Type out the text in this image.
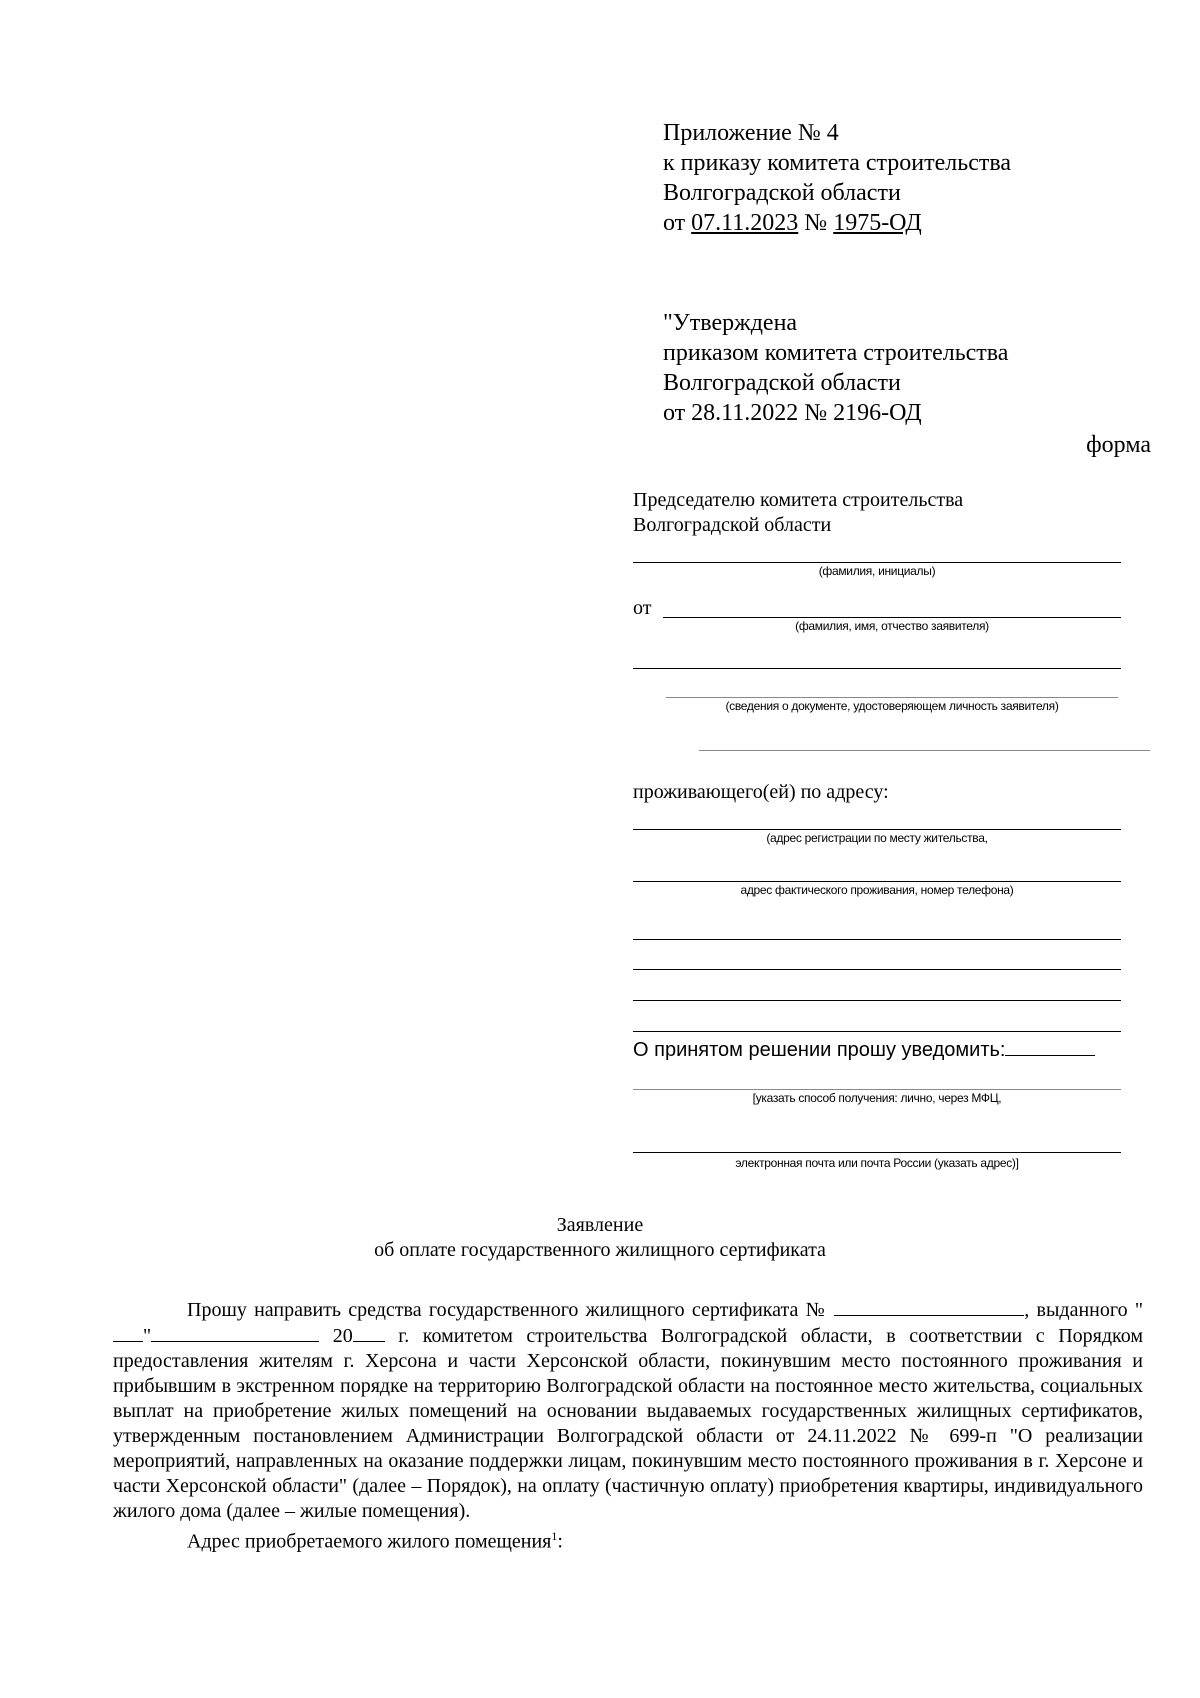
Приложение № 4
к приказу комитета строительства
Волгоградской области
от 07.11.2023 № 1975-ОД
"Утверждена
приказом комитета строительства
Волгоградской области
от 28.11.2022 № 2196-ОД
форма
Председателю комитета строительства
Волгоградской области
(фамилия, инициалы)
от
(фамилия, имя, отчество заявителя)
(сведения о документе, удостоверяющем личность заявителя)
проживающего(ей) по адресу:
(адрес регистрации по месту жительства,
адрес фактического проживания, номер телефона)
О принятом решении прошу уведомить:
[указать способ получения: лично, через МФЦ,
электронная почта или почта России (указать адрес)]
Заявление
об оплате государственного жилищного сертификата

Прошу направить средства государственного жилищного сертификата №	, выданного ""	20 г. комитетом строительства Волгоградской области, в соответствии с Порядком предоставления жителям г. Херсона и части Херсонской области, покинувшим место постоянного проживания и прибывшим в экстренном порядке на территорию Волгоградской области на постоянное место жительства, социальных выплат на приобретение жилых помещений на основании выдаваемых государственных жилищных сертификатов, утвержденным постановлением Администрации Волгоградской области от 24.11.2022 № 699-п "О реализации мероприятий, направленных на оказание поддержки лицам, покинувшим место постоянного проживания в г. Херсоне и части Херсонской области" (далее – Порядок), на оплату (частичную оплату) приобретения квартиры, индивидуального жилого дома (далее – жилые помещения).

Адрес приобретаемого жилого помещения$^1$:
